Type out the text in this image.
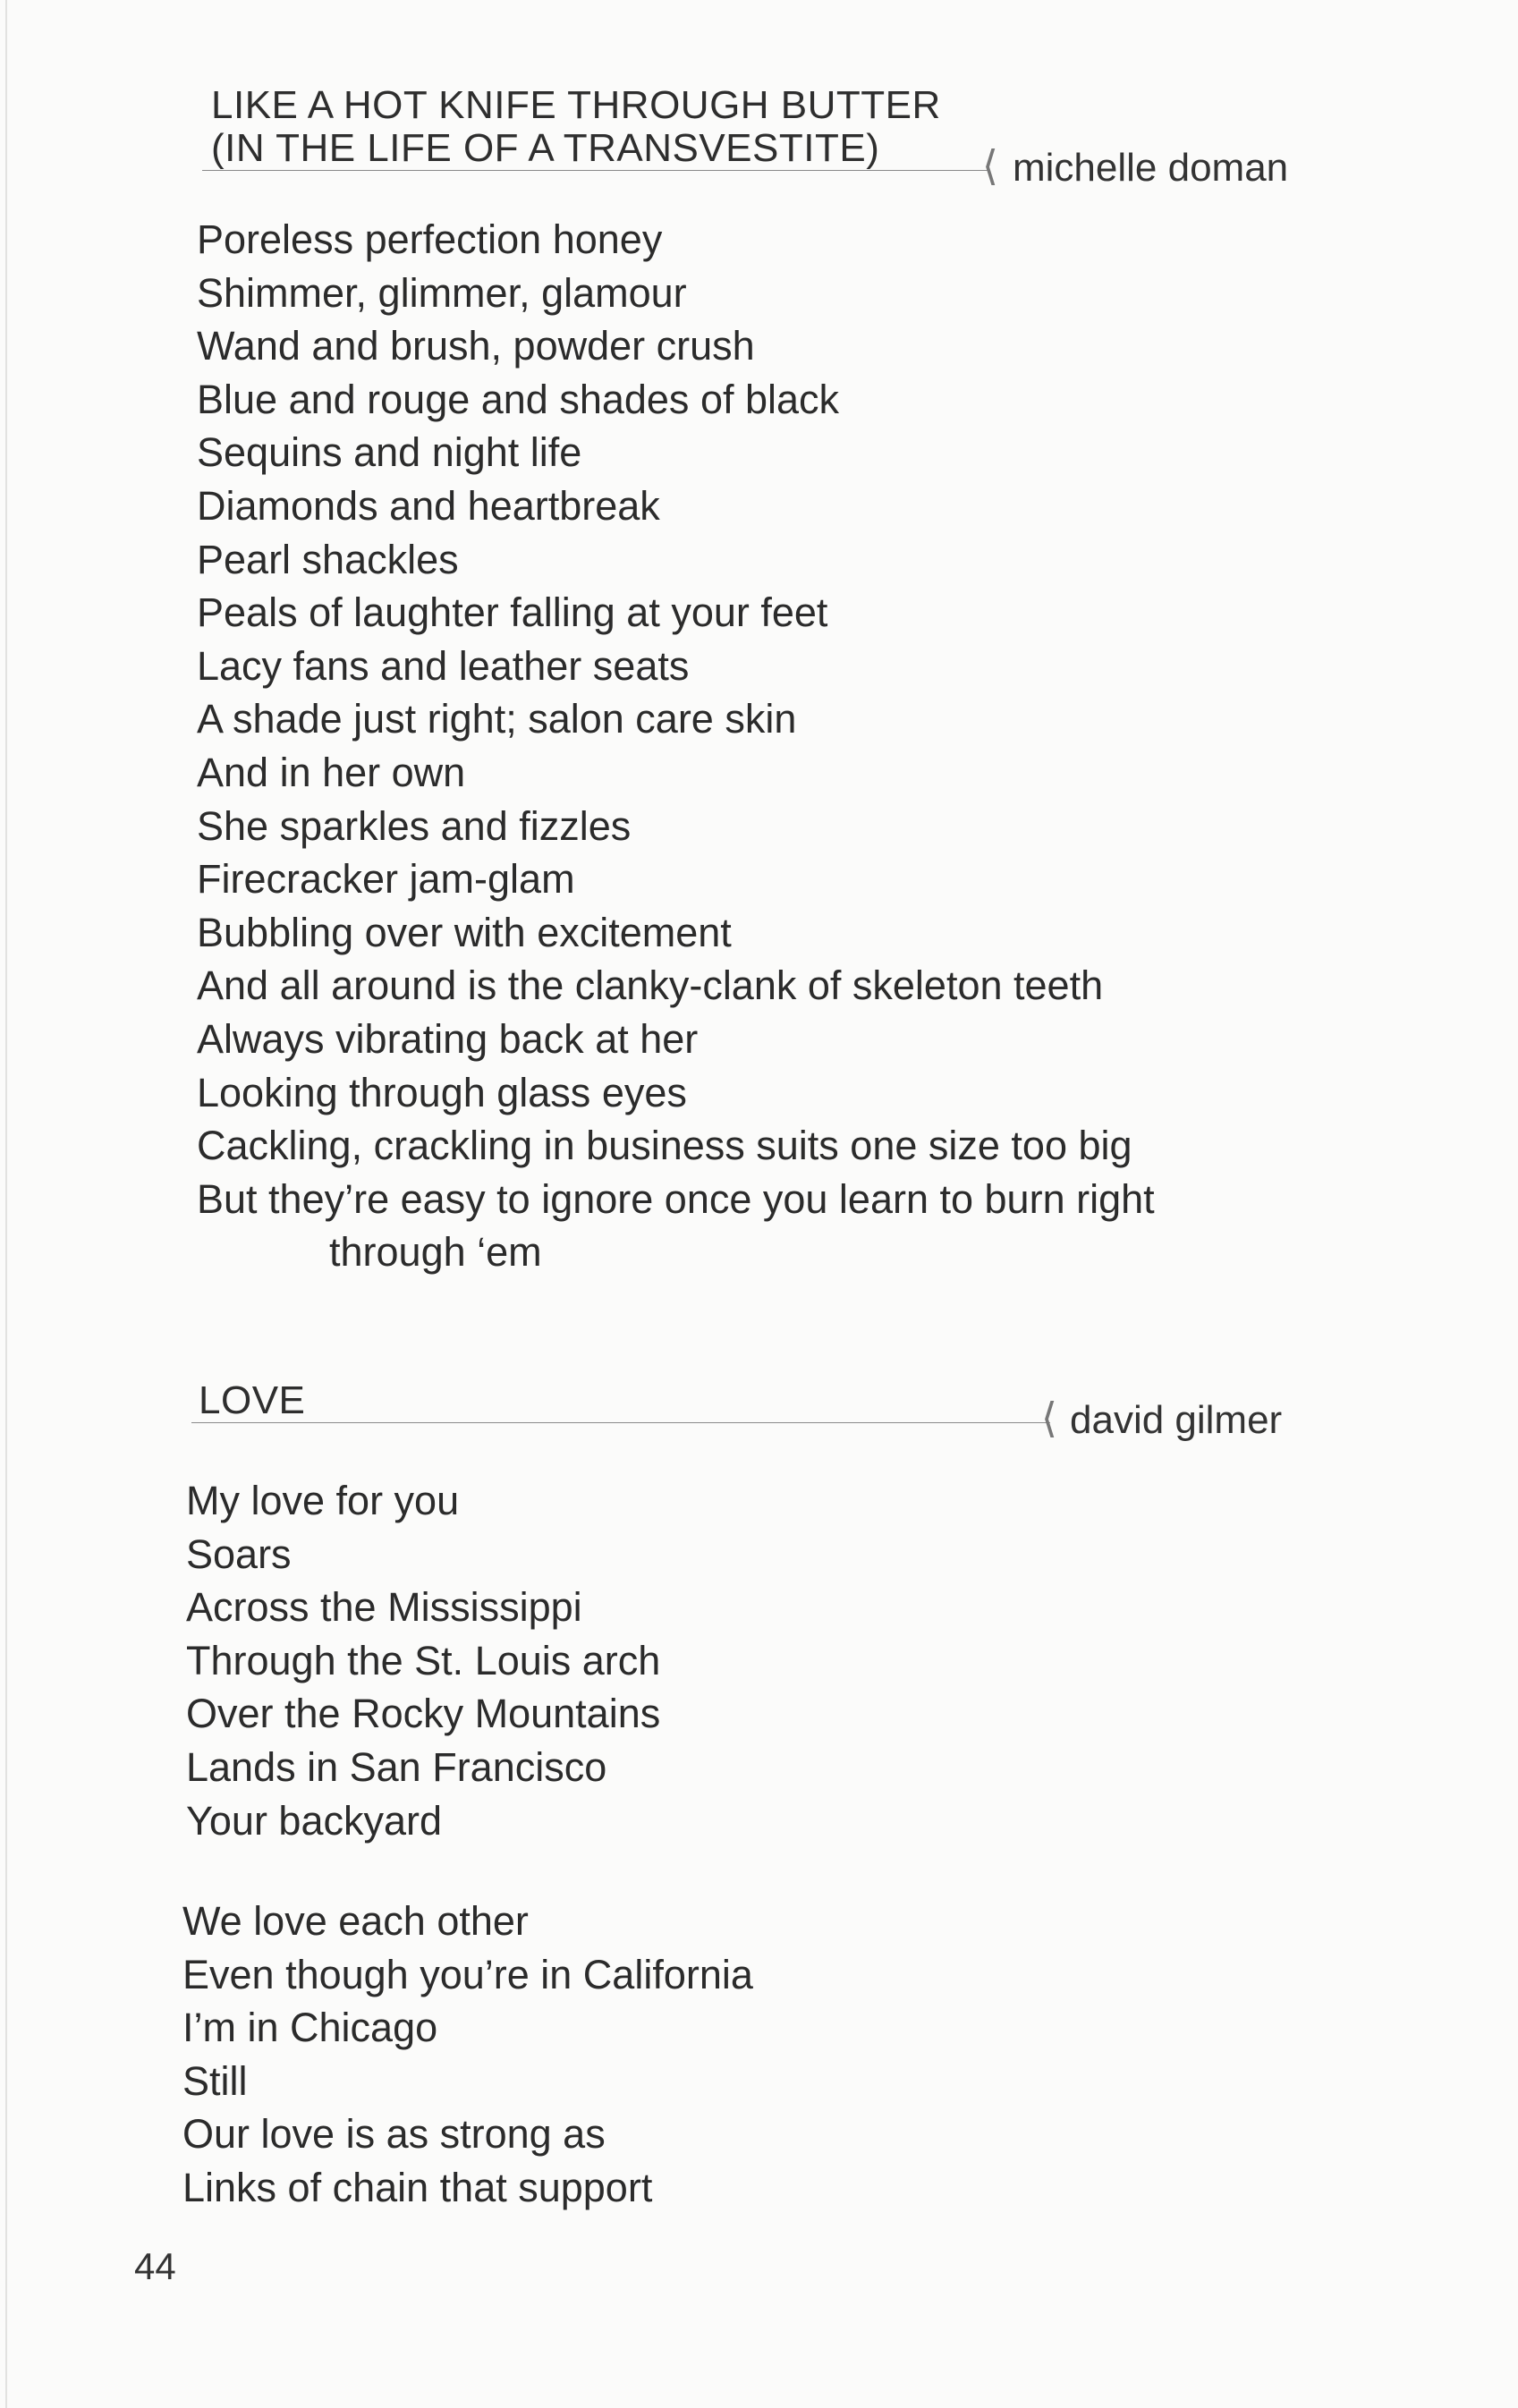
LIKE A HOT KNIFE THROUGH BUTTER
(IN THE LIFE OF A TRANSVESTITE) ⟨ michelle doman
Poreless perfection honey
Shimmer, glimmer, glamour
Wand and brush, powder crush
Blue and rouge and shades of black
Sequins and night life
Diamonds and heartbreak
Pearl shackles
Peals of laughter falling at your feet
Lacy fans and leather seats
A shade just right; salon care skin
And in her own
She sparkles and fizzles
Firecracker jam-glam
Bubbling over with excitement
And all around is the clanky-clank of skeleton teeth
Always vibrating back at her
Looking through glass eyes
Cackling, crackling in business suits one size too big
But they’re easy to ignore once you learn to burn right
through ‘em
LOVE	⟨ david gilmer
My love for you
Soars
Across the Mississippi
Through the St. Louis arch
Over the Rocky Mountains
Lands in San Francisco
Your backyard
We love each other
Even though you’re in California
I’m in Chicago
Still
Our love is as strong as
Links of chain that support
44
